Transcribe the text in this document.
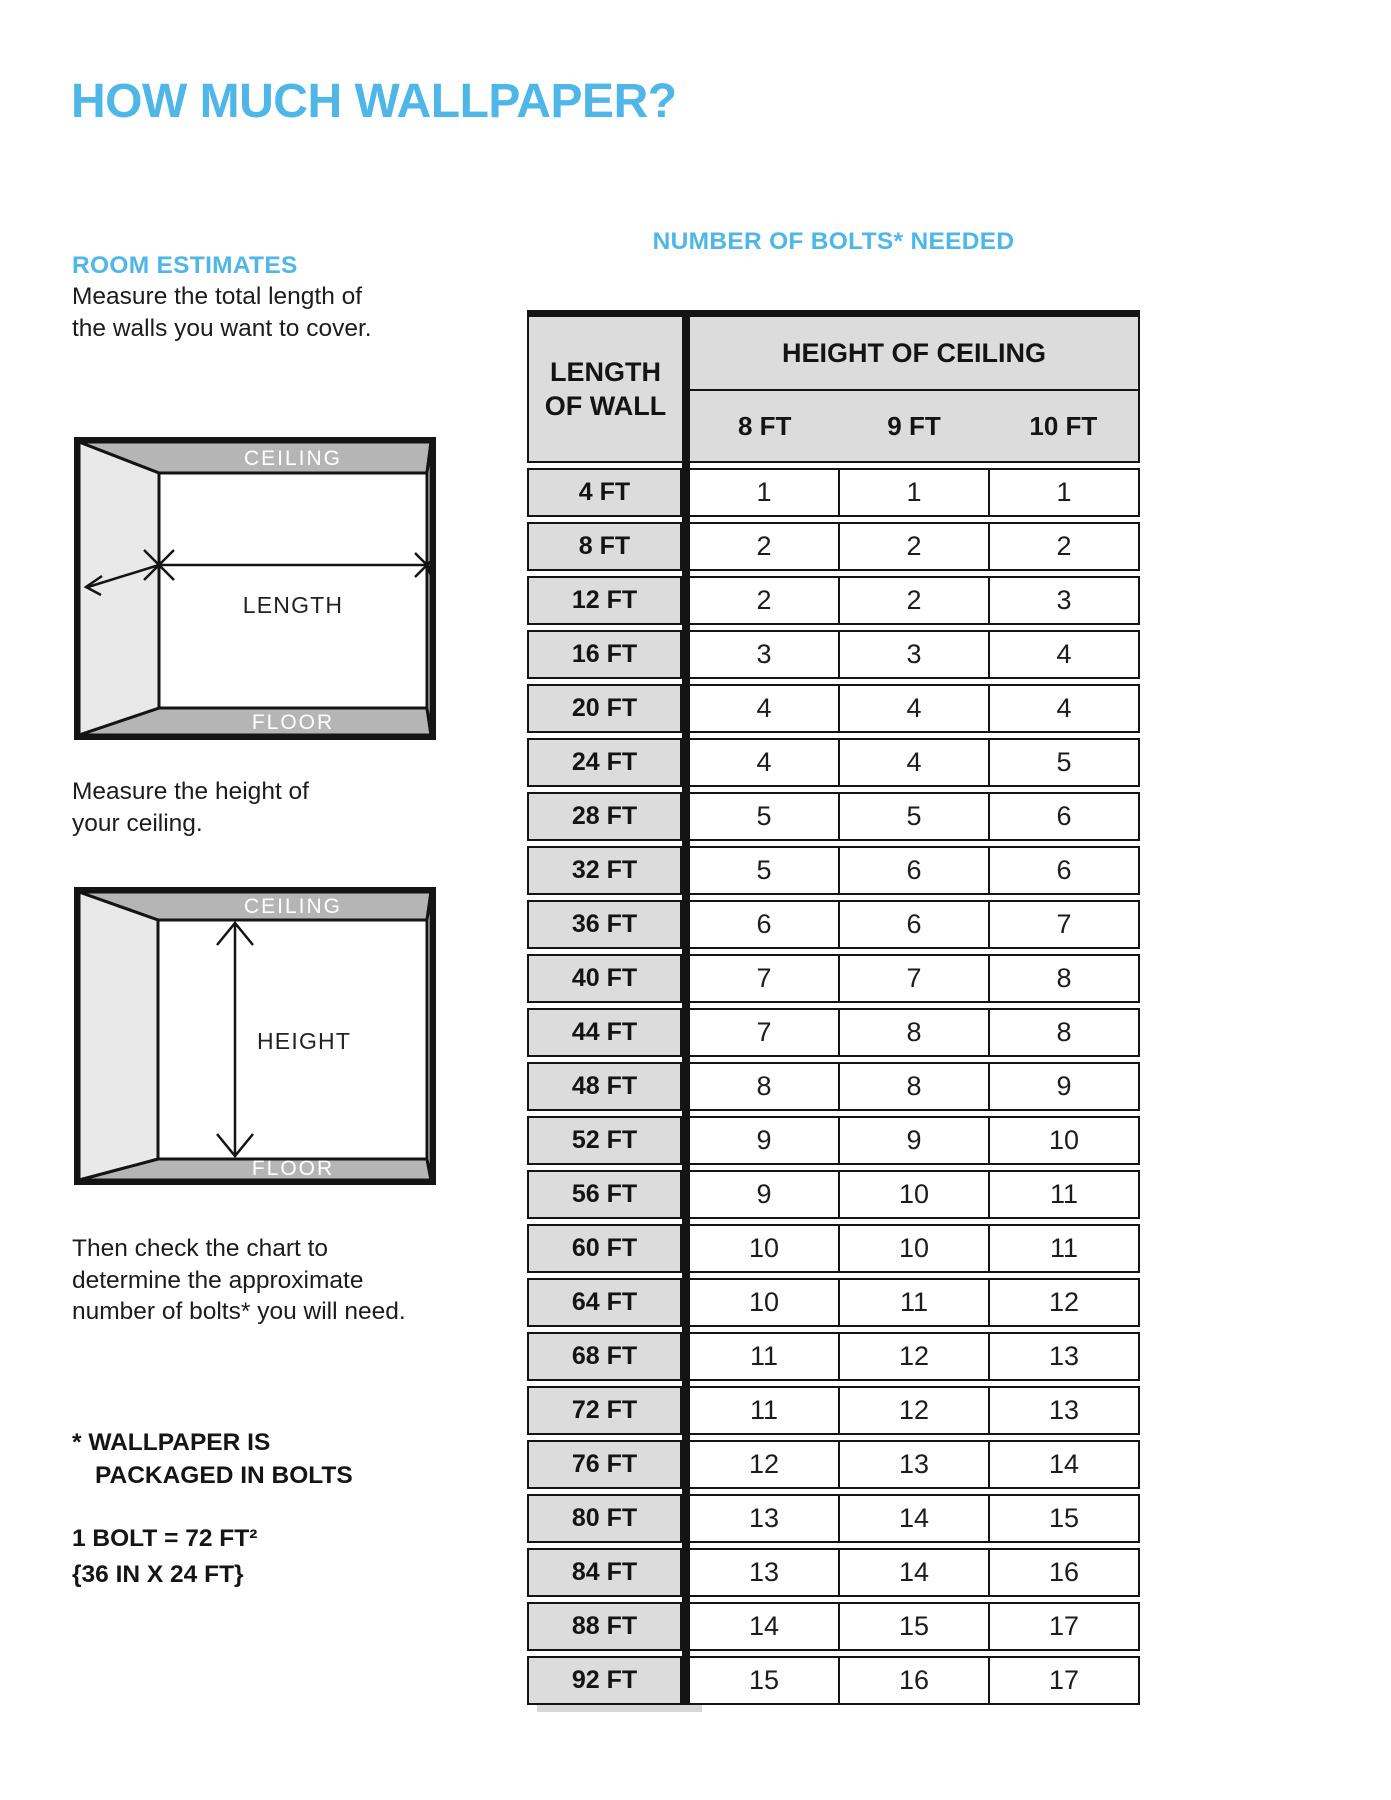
HOW MUCH WALLPAPER?
ROOM ESTIMATES
Measure the total length of
the walls you want to cover.
CEILING
LENGTH
FLOOR
Measure the height of
your ceiling.
CEILING
HEIGHT
FLOOR
Then check the chart to
determine the approximate
number of bolts* you will need.
* WALLPAPER IS
PACKAGED IN BOLTS
1 BOLT = 72 FT²
{36 IN X 24 FT}
NUMBER OF BOLTS* NEEDED
LENGTH
OF WALL
HEIGHT OF CEILING
8 FT	9 FT	10 FT
4 FT	1	1	1
8 FT	2	2	2
12 FT	2	2	3
16 FT	3	3	4
20 FT	4	4	4
24 FT	4	4	5
28 FT	5	5	6
32 FT	5	6	6
36 FT	6	6	7
40 FT	7	7	8
44 FT	7	8	8
48 FT	8	8	9
52 FT	9	9	10
56 FT	9	10	11
60 FT	10	10	11
64 FT	10	11	12
68 FT	11	12	13
72 FT	11	12	13
76 FT	12	13	14
80 FT	13	14	15
84 FT	13	14	16
88 FT	14	15	17
92 FT	15	16	17
